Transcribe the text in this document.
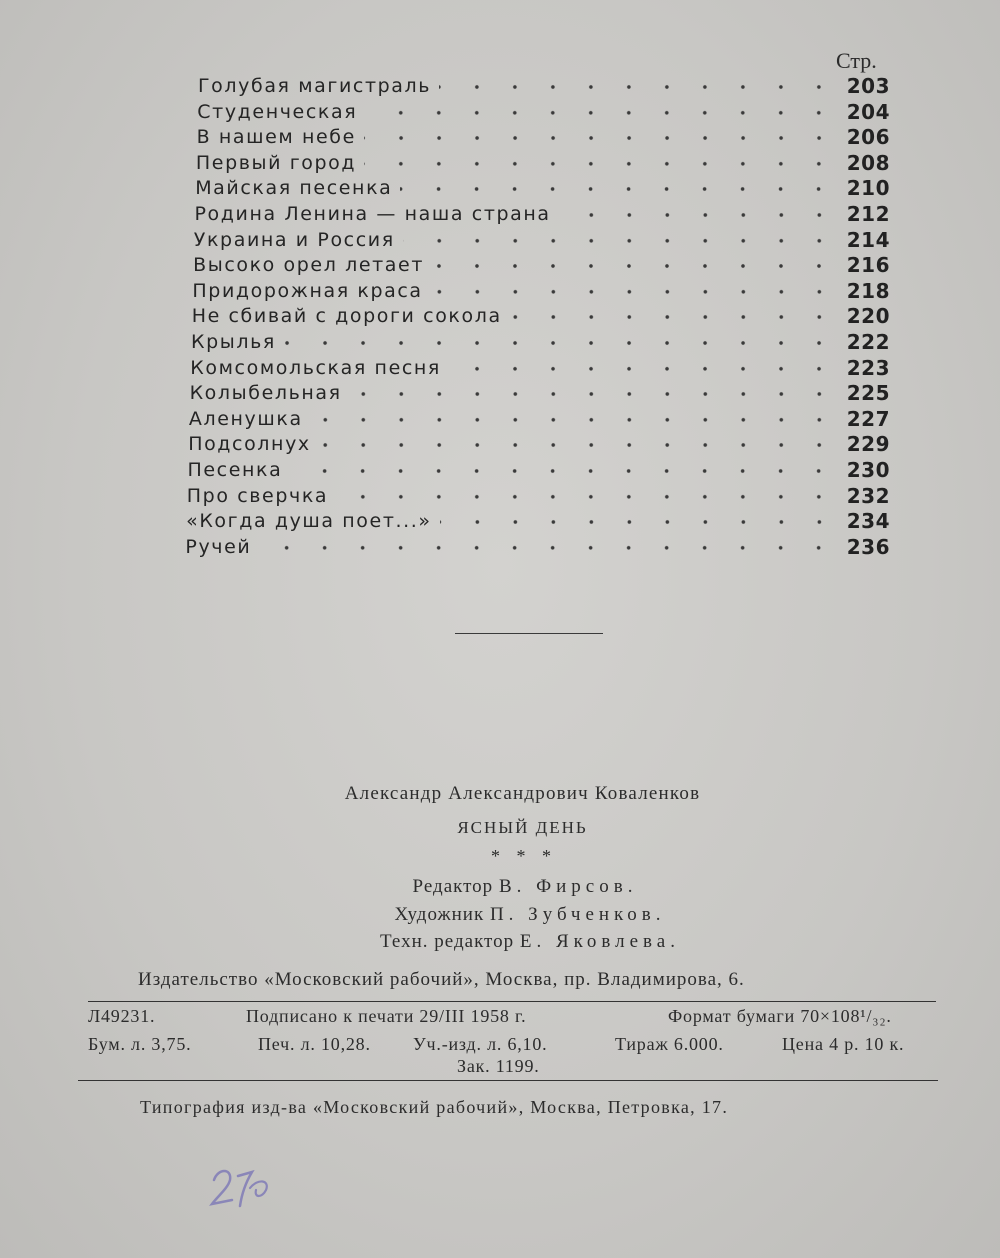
Стр.
Голубая магистраль	203
Студенческая	204
В нашем небе	206
Первый город	208
Майская песенка	210
Родина Ленина — наша страна	212
Украина и Россия	214
Высоко орел летает	216
Придорожная краса	218
Не сбивай с дороги сокола	220
Крылья	222
Комсомольская песня	223
Колыбельная	225
Аленушка	227
Подсолнух	229
Песенка	230
Про сверчка	232
«Когда душа поет...»	234
Ручей	236
Александр Александрович Коваленков
ЯСНЫЙ ДЕНЬ
* * *
Редактор В. Фирсов.
Художник П. Зубченков.
Техн. редактор Е. Яковлева.
Издательство «Московский рабочий», Москва, пр. Владимирова, 6.
Л49231.	Подписано к печати 29/III 1958 г.	Формат бумаги 70×108¹/₃₂.
Бум. л. 3,75.	Печ. л. 10,28. Уч.-изд. л. 6,10.	Тираж 6.000.	Цена 4 р. 10 к.
Зак. 1199.
Типография изд-ва «Московский рабочий», Москва, Петровка, 17.
